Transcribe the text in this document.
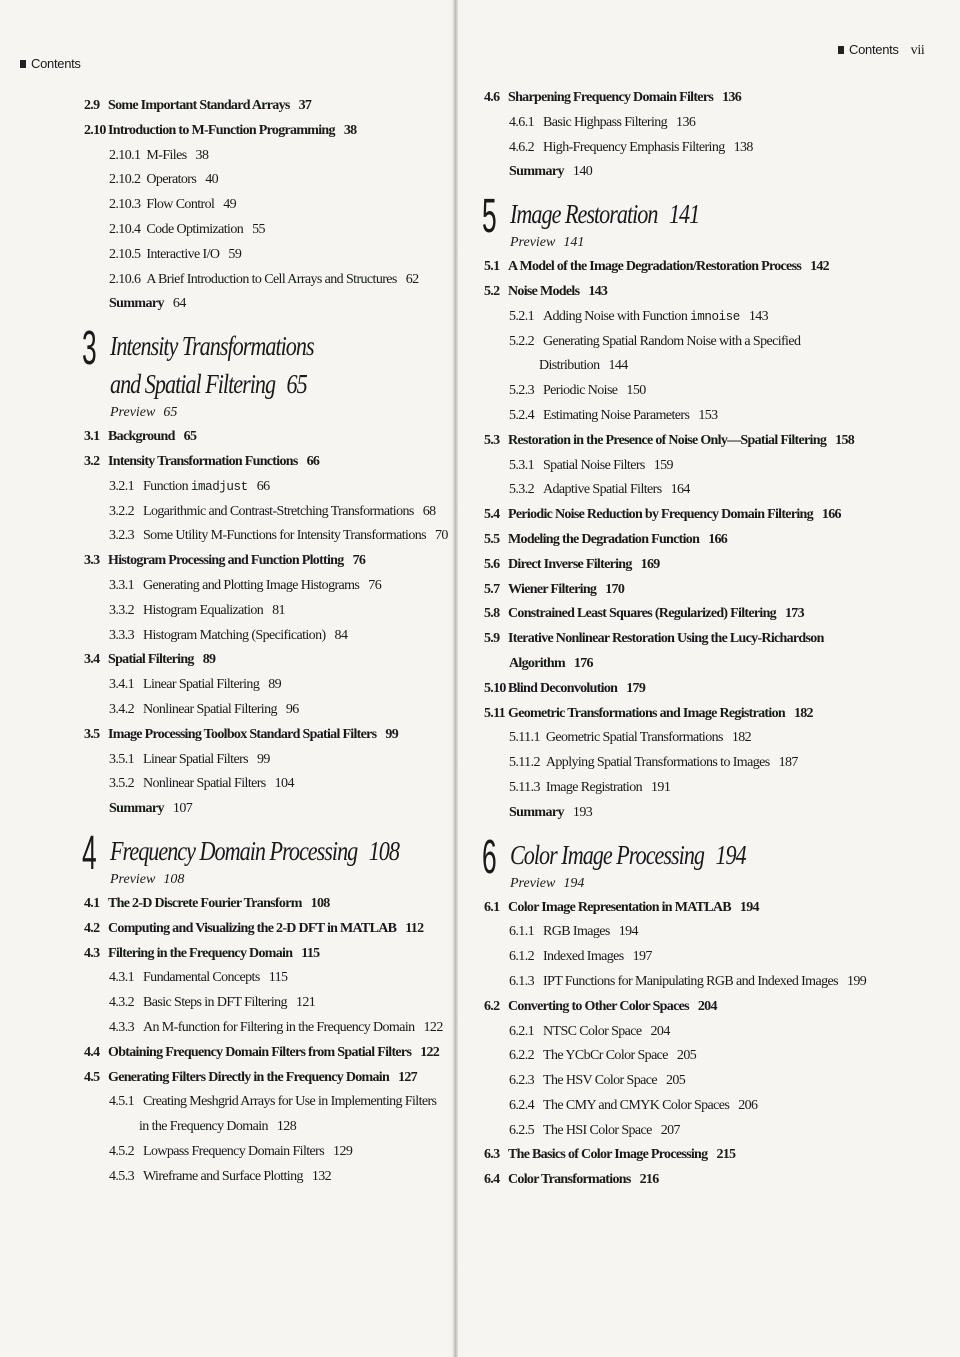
Contents
Contents vii
2.9 Some Important Standard Arrays 37
2.10 Introduction to M-Function Programming 38
2.10.1 M-Files 38
2.10.2 Operators 40
2.10.3 Flow Control 49
2.10.4 Code Optimization 55
2.10.5 Interactive I/O 59
2.10.6 A Brief Introduction to Cell Arrays and Structures 62
Summary 64
3 Intensity Transformations
and Spatial Filtering 65
Preview 65
3.1 Background 65
3.2 Intensity Transformation Functions 66
3.2.1 Function imadjust 66
3.2.2 Logarithmic and Contrast-Stretching Transformations 68
3.2.3 Some Utility M-Functions for Intensity Transformations 70
3.3 Histogram Processing and Function Plotting 76
3.3.1 Generating and Plotting Image Histograms 76
3.3.2 Histogram Equalization 81
3.3.3 Histogram Matching (Specification) 84
3.4 Spatial Filtering 89
3.4.1 Linear Spatial Filtering 89
3.4.2 Nonlinear Spatial Filtering 96
3.5 Image Processing Toolbox Standard Spatial Filters 99
3.5.1 Linear Spatial Filters 99
3.5.2 Nonlinear Spatial Filters 104
Summary 107
4 Frequency Domain Processing 108
Preview 108
4.1 The 2-D Discrete Fourier Transform 108
4.2 Computing and Visualizing the 2-D DFT in MATLAB 112
4.3 Filtering in the Frequency Domain 115
4.3.1 Fundamental Concepts 115
4.3.2 Basic Steps in DFT Filtering 121
4.3.3 An M-function for Filtering in the Frequency Domain 122
4.4 Obtaining Frequency Domain Filters from Spatial Filters 122
4.5 Generating Filters Directly in the Frequency Domain 127
4.5.1 Creating Meshgrid Arrays for Use in Implementing Filters
in the Frequency Domain 128
4.5.2 Lowpass Frequency Domain Filters 129
4.5.3 Wireframe and Surface Plotting 132
4.6 Sharpening Frequency Domain Filters 136
4.6.1 Basic Highpass Filtering 136
4.6.2 High-Frequency Emphasis Filtering 138
Summary 140
5 Image Restoration 141
Preview 141
5.1 A Model of the Image Degradation/Restoration Process 142
5.2 Noise Models 143
5.2.1 Adding Noise with Function imnoise 143
5.2.2 Generating Spatial Random Noise with a Specified
Distribution 144
5.2.3 Periodic Noise 150
5.2.4 Estimating Noise Parameters 153
5.3 Restoration in the Presence of Noise Only—Spatial Filtering 158
5.3.1 Spatial Noise Filters 159
5.3.2 Adaptive Spatial Filters 164
5.4 Periodic Noise Reduction by Frequency Domain Filtering 166
5.5 Modeling the Degradation Function 166
5.6 Direct Inverse Filtering 169
5.7 Wiener Filtering 170
5.8 Constrained Least Squares (Regularized) Filtering 173
5.9 Iterative Nonlinear Restoration Using the Lucy-Richardson
Algorithm 176
5.10 Blind Deconvolution 179
5.11 Geometric Transformations and Image Registration 182
5.11.1 Geometric Spatial Transformations 182
5.11.2 Applying Spatial Transformations to Images 187
5.11.3 Image Registration 191
Summary 193
6 Color Image Processing 194
Preview 194
6.1 Color Image Representation in MATLAB 194
6.1.1 RGB Images 194
6.1.2 Indexed Images 197
6.1.3 IPT Functions for Manipulating RGB and Indexed Images 199
6.2 Converting to Other Color Spaces 204
6.2.1 NTSC Color Space 204
6.2.2 The YCbCr Color Space 205
6.2.3 The HSV Color Space 205
6.2.4 The CMY and CMYK Color Spaces 206
6.2.5 The HSI Color Space 207
6.3 The Basics of Color Image Processing 215
6.4 Color Transformations 216
